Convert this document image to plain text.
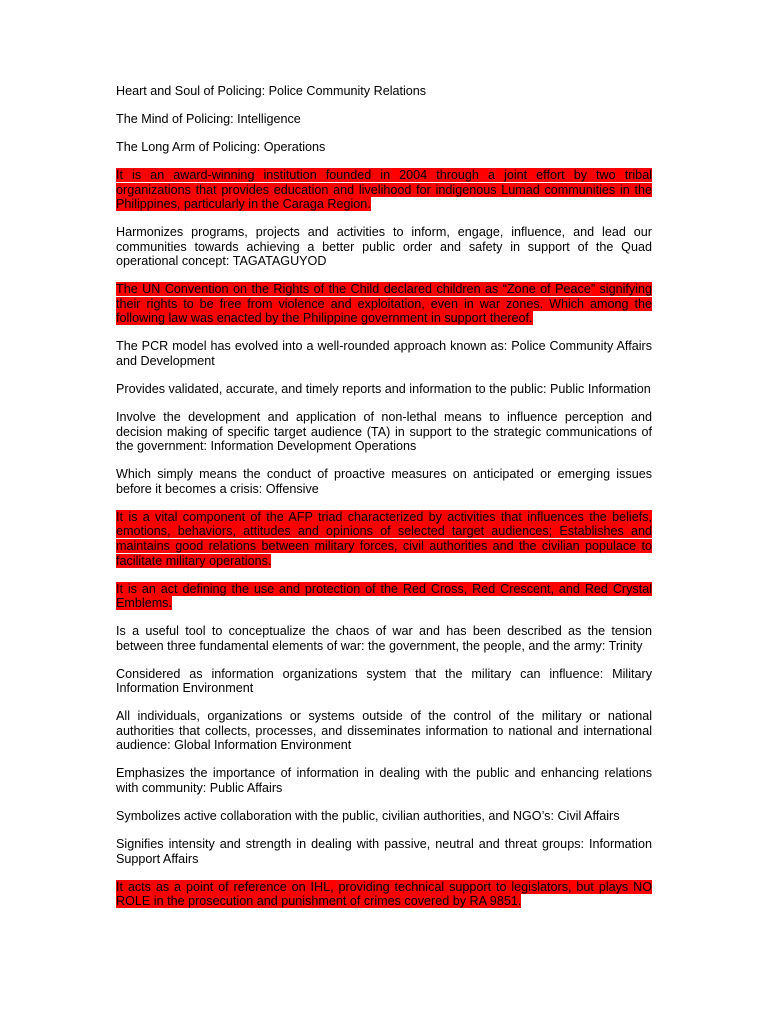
Heart and Soul of Policing: Police Community Relations

The Mind of Policing: Intelligence

The Long Arm of Policing: Operations

It is an award-winning institution founded in 2004 through a joint effort by two tribal organizations that provides education and livelihood for indigenous Lumad communities in the Philippines, particularly in the Caraga Region.

Harmonizes programs, projects and activities to inform, engage, influence, and lead our communities towards achieving a better public order and safety in support of the Quad operational concept: TAGATAGUYOD

The UN Convention on the Rights of the Child declared children as “Zone of Peace” signifying their rights to be free from violence and exploitation, even in war zones. Which among the following law was enacted by the Philippine government in support thereof.

The PCR model has evolved into a well-rounded approach known as: Police Community Affairs and Development

Provides validated, accurate, and timely reports and information to the public: Public Information

Involve the development and application of non-lethal means to influence perception and decision making of specific target audience (TA) in support to the strategic communications of the government: Information Development Operations

Which simply means the conduct of proactive measures on anticipated or emerging issues before it becomes a crisis: Offensive

It is a vital component of the AFP triad characterized by activities that influences the beliefs, emotions, behaviors, attitudes and opinions of selected target audiences; Establishes and maintains good relations between military forces, civil authorities and the civilian populace to facilitate military operations.

It is an act defining the use and protection of the Red Cross, Red Crescent, and Red Crystal Emblems.

Is a useful tool to conceptualize the chaos of war and has been described as the tension between three fundamental elements of war: the government, the people, and the army: Trinity

Considered as information organizations system that the military can influence: Military Information Environment

All individuals, organizations or systems outside of the control of the military or national authorities that collects, processes, and disseminates information to national and international audience: Global Information Environment

Emphasizes the importance of information in dealing with the public and enhancing relations with community: Public Affairs

Symbolizes active collaboration with the public, civilian authorities, and NGO’s: Civil Affairs

Signifies intensity and strength in dealing with passive, neutral and threat groups: Information Support Affairs

It acts as a point of reference on IHL, providing technical support to legislators, but plays NO ROLE in the prosecution and punishment of crimes covered by RA 9851.
